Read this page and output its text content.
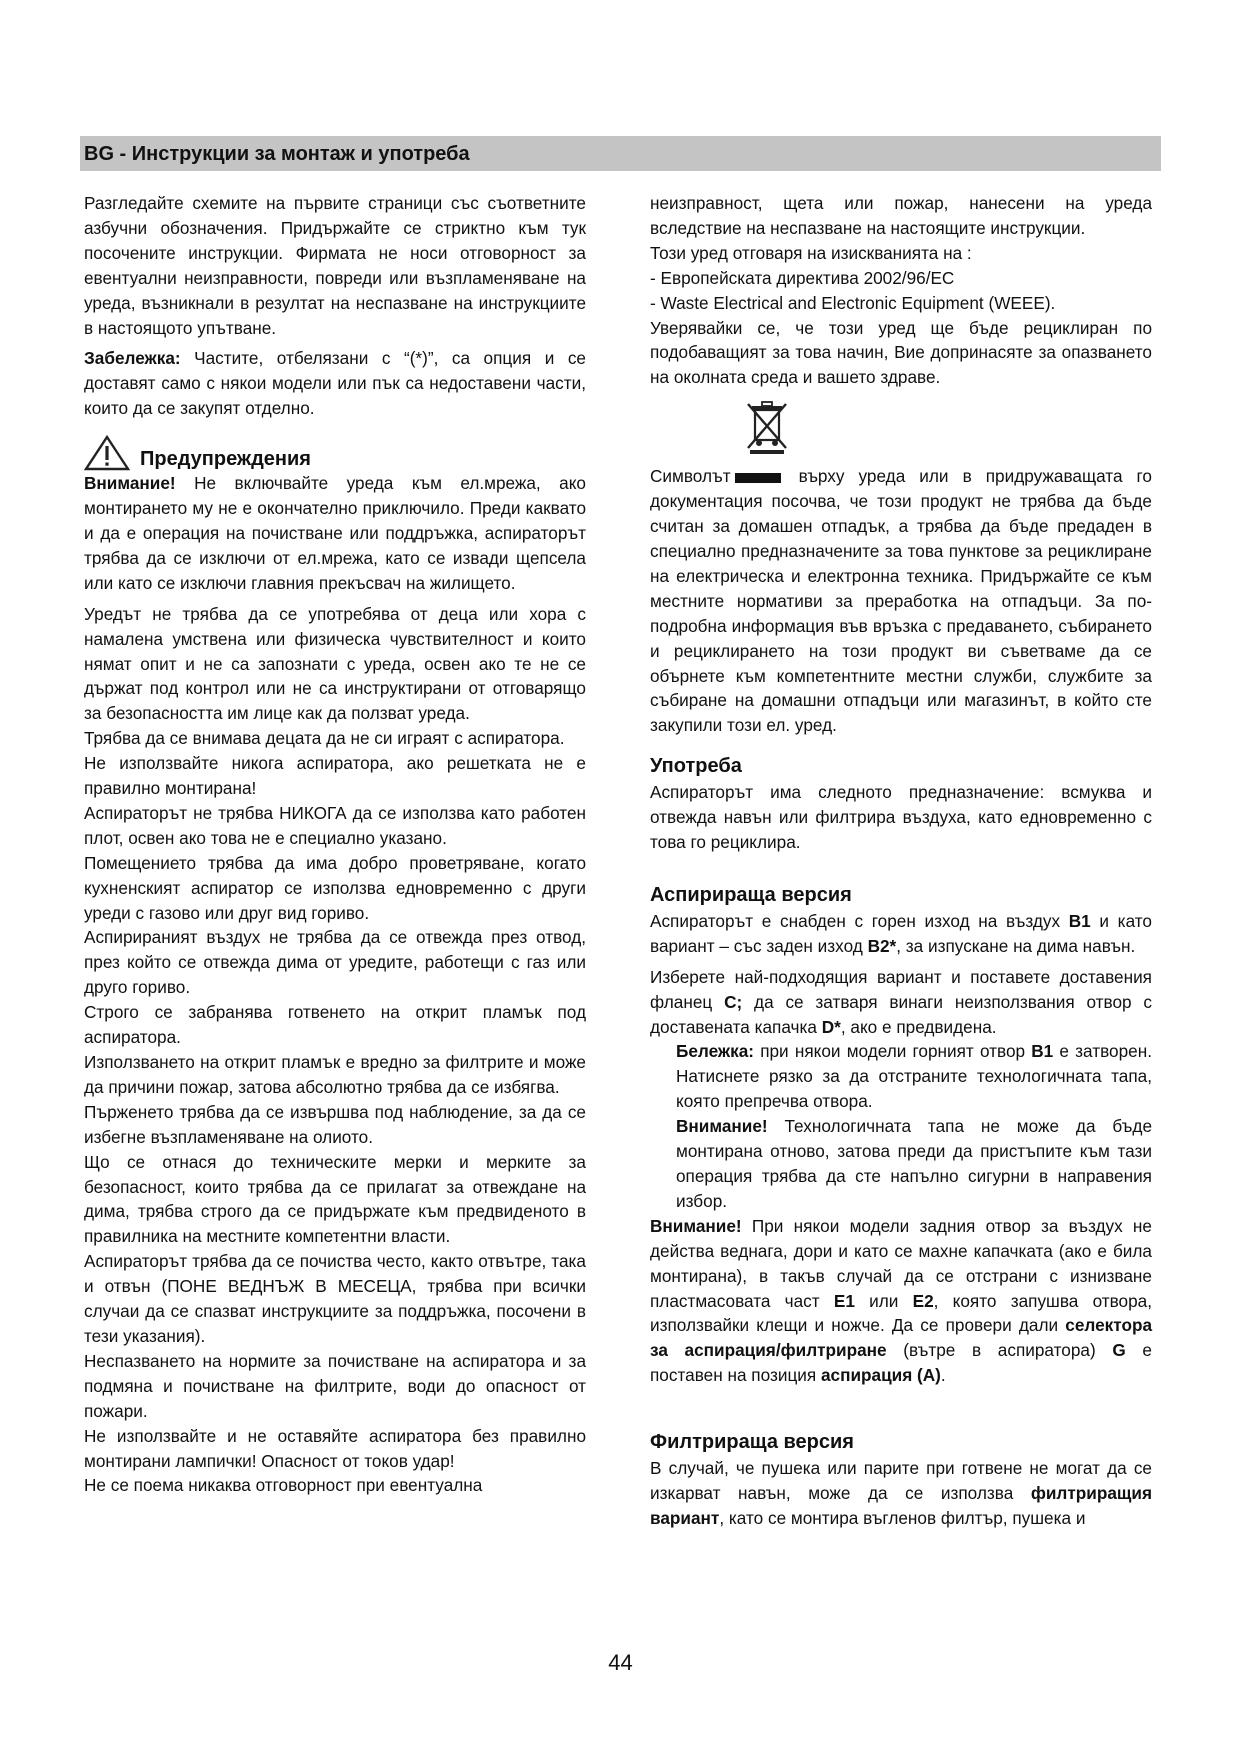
BG - Инструкции за монтаж и употреба

Разгледайте схемите на първите страници със съответните азбучни обозначения. Придържайте се стриктно към тук посочените инструкции. Фирмата не носи отговорност за евентуални неизправности, повреди или възпламеняване на уреда, възникнали в резултат на неспазване на инструкциите в настоящото упътване.

Забележка: Частите, отбелязани с “(*)”, са опция и се доставят само с някои модели или пък са недоставени части, които да се закупят отделно.

Предупреждения

Внимание! Не включвайте уреда към ел.мрежа, ако монтирането му не е окончателно приключило. Преди каквато и да е операция на почистване или поддръжка, аспираторът трябва да се изключи от ел.мрежа, като се извади щепсела или като се изключи главния прекъсвач на жилището.

Уредът не трябва да се употребява от деца или хора с намалена умствена или физическа чувствителност и които нямат опит и не са запознати с уреда, освен ако те не се държат под контрол или не са инструктирани от отговарящо за безопасността им лице как да ползват уреда.

Трябва да се внимава децата да не си играят с аспиратора.

Не използвайте никога аспиратора, ако решетката не е правилно монтирана!

Аспираторът не трябва НИКОГА да се използва като работен плот, освен ако това не е специално указано.

Помещението трябва да има добро проветряване, когато кухненският аспиратор се използва едновременно с други уреди с газово или друг вид гориво.

Аспирираният въздух не трябва да се отвежда през отвод, през който се отвежда дима от уредите, работещи с газ или друго гориво.

Строго се забранява готвенето на открит пламък под аспиратора.

Използването на открит пламък е вредно за филтрите и може да причини пожар, затова абсолютно трябва да се избягва.

Пърженето трябва да се извършва под наблюдение, за да се избегне възпламеняване на олиото.

Що се отнася до техническите мерки и мерките за безопасност, които трябва да се прилагат за отвеждане на дима, трябва строго да се придържате към предвиденото в правилника на местните компетентни власти.

Аспираторът трябва да се почиства често, както отвътре, така и отвън (ПОНЕ ВЕДНЪЖ В МЕСЕЦА, трябва при всички случаи да се спазват инструкциите за поддръжка, посочени в тези указания).

Неспазването на нормите за почистване на аспиратора и за подмяна и почистване на филтрите, води до опасност от пожари.

Не използвайте и не оставяйте аспиратора без правилно монтирани лампички! Опасност от токов удар!

Не се поема никаква отговорност при евентуална

неизправност, щета или пожар, нанесени на уреда вследствие на неспазване на настоящите инструкции.

Този уред отговаря на изискванията на :

- Европейската директива 2002/96/EC

- Waste Electrical and Electronic Equipment (WEEE).

Уверявайки се, че този уред ще бъде рециклиран по подобаващият за това начин, Вие допринасяте за опазването на околната среда и вашето здраве.

Символът	върху уреда или в придружаващата го документация посочва, че този продукт не трябва да бъде считан за домашен отпадък, а трябва да бъде предаден в специално предназначените за това пунктове за рециклиране на електрическа и електронна техника. Придържайте се към местните нормативи за преработка на отпадъци. За по-подробна информация във връзка с предаването, събирането и рециклирането на този продукт ви съветваме да се обърнете към компетентните местни служби, службите за събиране на домашни отпадъци или магазинът, в който сте закупили този ел. уред.

Употреба

Аспираторът има следното предназначение: всмуква и отвежда навън или филтрира въздуха, като едновременно с това го рециклира.

Аспирираща версия

Аспираторът е снабден с горен изход на въздух B1 и като вариант – със заден изход B2*, за изпускане на дима навън.

Изберете най-подходящия вариант и поставете доставения фланец C; да се затваря винаги неизползвания отвор с доставената капачка D*, ако е предвидена.

Бележка: при някои модели горният отвор B1 е затворен. Натиснете рязко за да отстраните технологичната тапа, която препречва отвора.

Внимание! Технологичната тапа не може да бъде монтирана отново, затова преди да пристъпите към тази операция трябва да сте напълно сигурни в направения избор.

Внимание! При някои модели задния отвор за въздух не действа веднага, дори и като се махне капачката (ако е била монтирана), в такъв случай да се отстрани с изнизване пластмасовата част E1 или E2, която запушва отвора, използвайки клещи и ножче. Да се провери дали селектора за аспирация/филтриране (вътре в аспиратора) G е поставен на позиция аспирация (A).

Филтрираща версия

В случай, че пушека или парите при готвене не могат да се изкарват навън, може да се използва филтриращия вариант, като се монтира въгленов филтър, пушека и

44
